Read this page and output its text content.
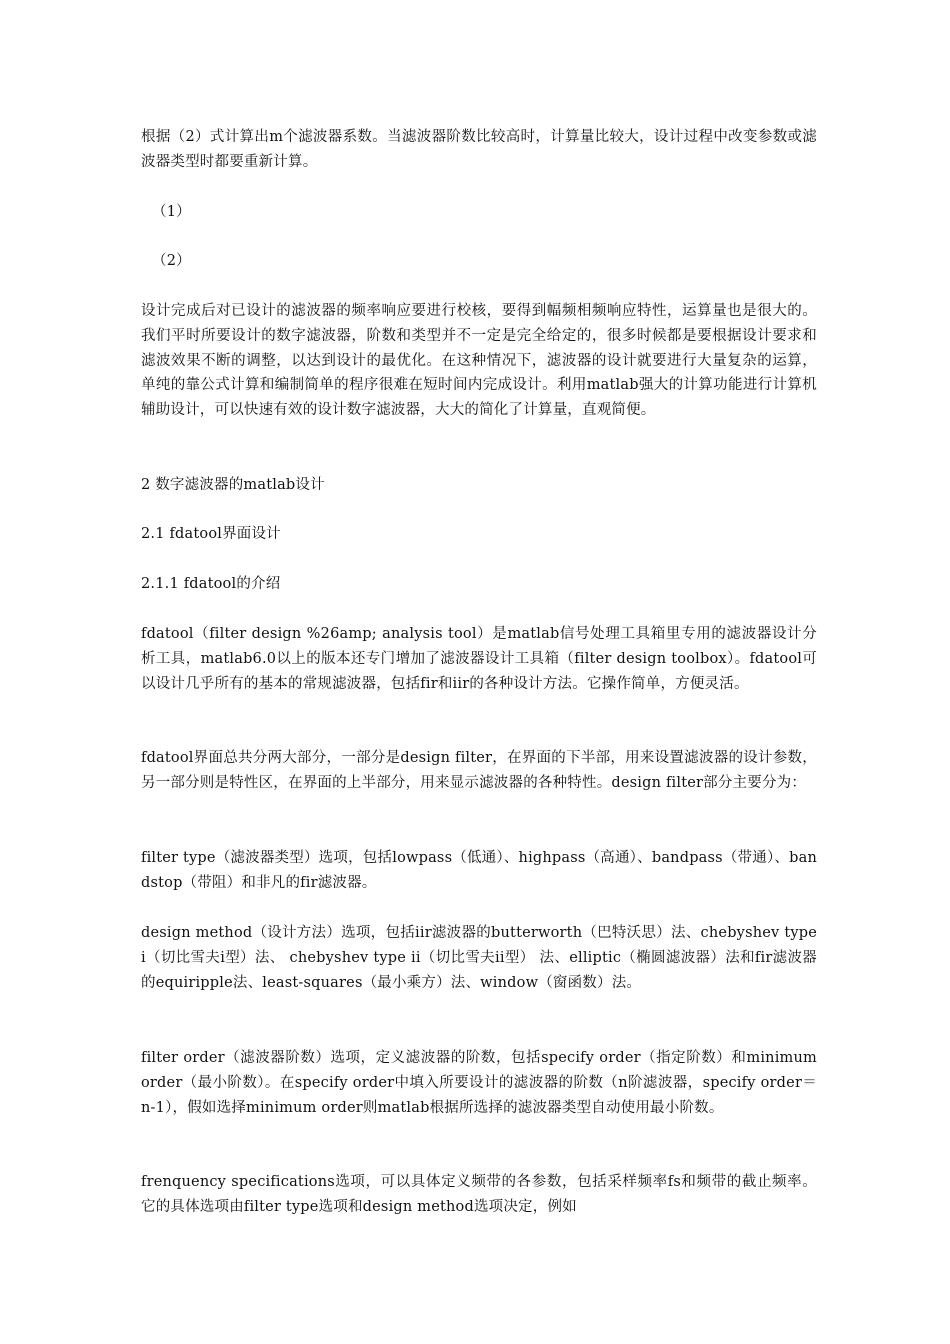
根据（2）式计算出m个滤波器系数。当滤波器阶数比较高时，计算量比较大，设计过程中改变参数或滤波器类型时都要重新计算。

（1）

（2）

设计完成后对已设计的滤波器的频率响应要进行校核，要得到幅频相频响应特性，运算量也是很大的。我们平时所要设计的数字滤波器，阶数和类型并不一定是完全给定的，很多时候都是要根据设计要求和滤波效果不断的调整，以达到设计的最优化。在这种情况下，滤波器的设计就要进行大量复杂的运算，单纯的靠公式计算和编制简单的程序很难在短时间内完成设计。利用matlab强大的计算功能进行计算机辅助设计，可以快速有效的设计数字滤波器，大大的简化了计算量，直观简便。

2 数字滤波器的matlab设计

2.1 fdatool界面设计

2.1.1 fdatool的介绍

fdatool（filter design %26amp; analysis tool）是matlab信号处理工具箱里专用的滤波器设计分析工具，matlab6.0以上的版本还专门增加了滤波器设计工具箱（filter design toolbox）。fdatool可以设计几乎所有的基本的常规滤波器，包括fir和iir的各种设计方法。它操作简单，方便灵活。

fdatool界面总共分两大部分，一部分是design filter，在界面的下半部，用来设置滤波器的设计参数，另一部分则是特性区，在界面的上半部分，用来显示滤波器的各种特性。design filter部分主要分为：

filter type（滤波器类型）选项，包括lowpass（低通）、highpass（高通）、bandpass（带通）、bandstop（带阻）和非凡的fir滤波器。

design method（设计方法）选项，包括iir滤波器的butterworth（巴特沃思）法、chebyshev type i（切比雪夫i型）法、 chebyshev type ii（切比雪夫ii型） 法、elliptic（椭圆滤波器）法和fir滤波器的equiripple法、least-squares（最小乘方）法、window（窗函数）法。

filter order（滤波器阶数）选项，定义滤波器的阶数，包括specify order（指定阶数）和minimum order（最小阶数）。在specify order中填入所要设计的滤波器的阶数（n阶滤波器，specify order＝n-1），假如选择minimum order则matlab根据所选择的滤波器类型自动使用最小阶数。

frenquency specifications选项，可以具体定义频带的各参数，包括采样频率fs和频带的截止频率。它的具体选项由filter type选项和design method选项决定，例如
